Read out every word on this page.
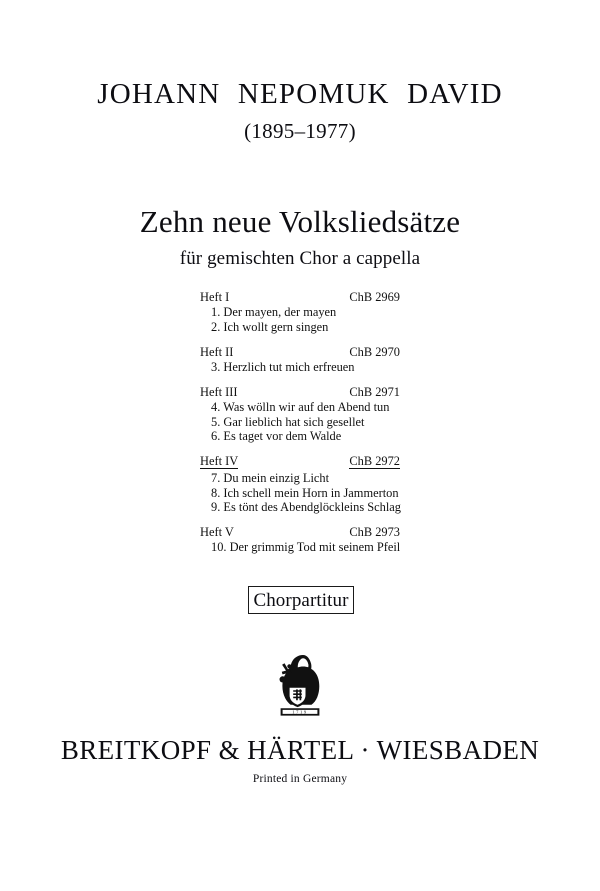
JOHANN NEPOMUK DAVID
(1895–1977)
Zehn neue Volksliedsätze
für gemischten Chor a cappella
Heft I	ChB 2969
1. Der mayen, der mayen
2. Ich wollt gern singen
Heft II	ChB 2970
3. Herzlich tut mich erfreuen
Heft III	ChB 2971
4. Was wölln wir auf den Abend tun
5. Gar lieblich hat sich gesellet
6. Es taget vor dem Walde
Heft IV	ChB 2972
7. Du mein einzig Licht
8. Ich schell mein Horn in Jammerton
9. Es tönt des Abendglöckleins Schlag
Heft V	ChB 2973
10. Der grimmig Tod mit seinem Pfeil
Chorpartitur
1719
BREITKOPF & HÄRTEL · WIESBADEN
Printed in Germany
